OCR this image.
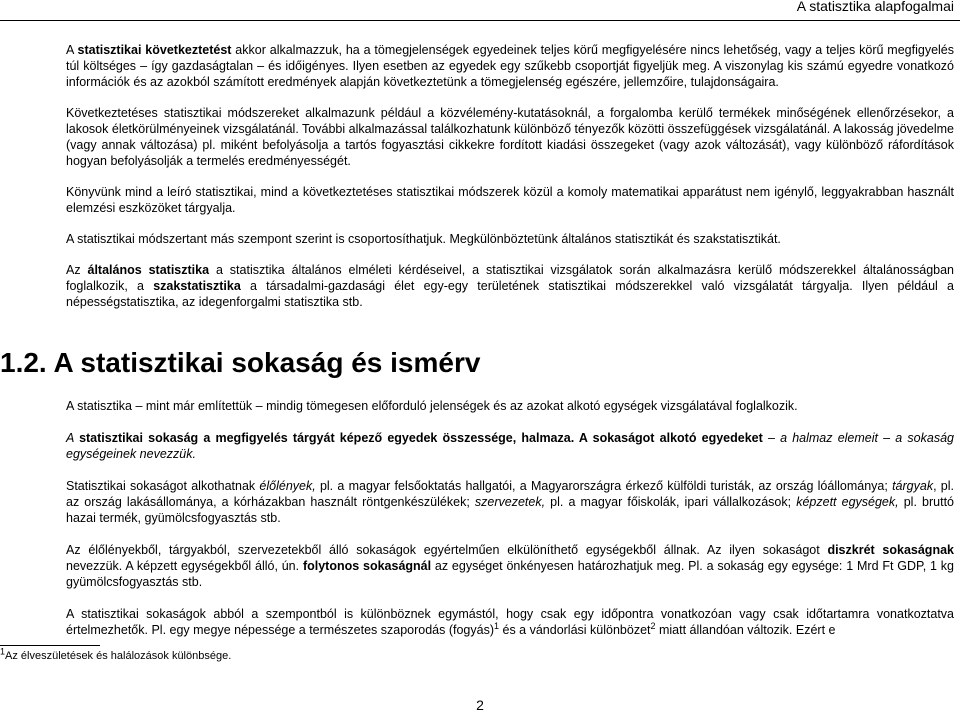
A statisztika alapfogalmai

A statisztikai következtetést akkor alkalmazzuk, ha a tömegjelenségek egyedeinek teljes körű megfigyelésére nincs lehetőség, vagy a teljes körű megfigyelés túl költséges – így gazdaságtalan – és időigényes. Ilyen esetben az egyedek egy szűkebb csoportját figyeljük meg. A viszonylag kis számú egyedre vonatkozó információk és az azokból számított eredmények alapján következtetünk a tömegjelenség egészére, jellemzőire, tulajdonságaira.

Következtetéses statisztikai módszereket alkalmazunk például a közvélemény-kutatásoknál, a forgalomba kerülő termékek minőségének ellenőrzésekor, a lakosok életkörülményeinek vizsgálatánál. További alkalmazással találkozhatunk különböző tényezők közötti összefüggések vizsgálatánál. A lakosság jövedelme (vagy annak változása) pl. miként befolyásolja a tartós fogyasztási cikkekre fordított kiadási összegeket (vagy azok változását), vagy különböző ráfordítások hogyan befolyásolják a termelés eredményességét.

Könyvünk mind a leíró statisztikai, mind a következtetéses statisztikai módszerek közül a komoly matematikai apparátust nem igénylő, leggyakrabban használt elemzési eszközöket tárgyalja.

A statisztikai módszertant más szempont szerint is csoportosíthatjuk. Megkülönböztetünk általános statisztikát és szakstatisztikát.

Az általános statisztika a statisztika általános elméleti kérdéseivel, a statisztikai vizsgálatok során alkalmazásra kerülő módszerekkel általánosságban foglalkozik, a szakstatisztika a társadalmi-gazdasági élet egy-egy területének statisztikai módszerekkel való vizsgálatát tárgyalja. Ilyen például a népességstatisztika, az idegenforgalmi statisztika stb.

1.2. A statisztikai sokaság és ismérv

A statisztika – mint már említettük – mindig tömegesen előforduló jelenségek és az azokat alkotó egységek vizsgálatával foglalkozik.

A statisztikai sokaság a megfigyelés tárgyát képező egyedek összessége, halmaza. A sokaságot alkotó egyedeket – a halmaz elemeit – a sokaság egységeinek nevezzük.

Statisztikai sokaságot alkothatnak élőlények, pl. a magyar felsőoktatás hallgatói, a Magyarországra érkező külföldi turisták, az ország lóállománya; tárgyak, pl. az ország lakásállománya, a kórházakban használt röntgenkészülékek; szervezetek, pl. a magyar főiskolák, ipari vállalkozások; képzett egységek, pl. bruttó hazai termék, gyümölcsfogyasztás stb.

Az élőlényekből, tárgyakból, szervezetekből álló sokaságok egyértelműen elkülöníthető egységekből állnak. Az ilyen sokaságot diszkrét sokaságnak nevezzük. A képzett egységekből álló, ún. folytonos sokaságnál az egységet önkényesen határozhatjuk meg. Pl. a sokaság egy egysége: 1 Mrd Ft GDP, 1 kg gyümölcsfogyasztás stb.

A statisztikai sokaságok abból a szempontból is különböznek egymástól, hogy csak egy időpontra vonatkozóan vagy csak időtartamra vonatkoztatva értelmezhetők. Pl. egy megye népessége a természetes szaporodás (fogyás)$^1$ és a vándorlási különbözet$^2$ miatt állandóan változik. Ezért e

$^1$Az élveszületések és halálozások különbsége.
2
